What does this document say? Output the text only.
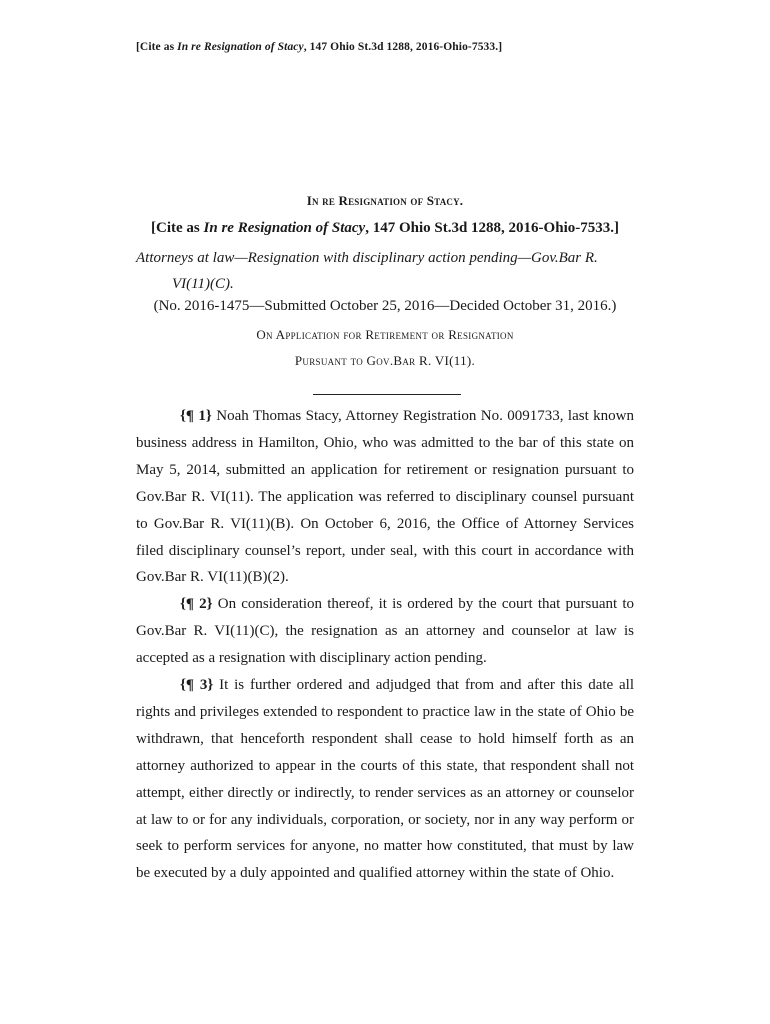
[Cite as In re Resignation of Stacy, 147 Ohio St.3d 1288, 2016-Ohio-7533.]
In re Resignation of Stacy.
[Cite as In re Resignation of Stacy, 147 Ohio St.3d 1288, 2016-Ohio-7533.]
Attorneys at law—Resignation with disciplinary action pending—Gov.Bar R.
VI(11)(C).
(No. 2016-1475—Submitted October 25, 2016—Decided October 31, 2016.)
On Application for Retirement or Resignation
Pursuant to Gov.Bar R. VI(11).
{¶ 1} Noah Thomas Stacy, Attorney Registration No. 0091733, last known business address in Hamilton, Ohio, who was admitted to the bar of this state on May 5, 2014, submitted an application for retirement or resignation pursuant to Gov.Bar R. VI(11). The application was referred to disciplinary counsel pursuant to Gov.Bar R. VI(11)(B). On October 6, 2016, the Office of Attorney Services filed disciplinary counsel’s report, under seal, with this court in accordance with Gov.Bar R. VI(11)(B)(2).
{¶ 2} On consideration thereof, it is ordered by the court that pursuant to Gov.Bar R. VI(11)(C), the resignation as an attorney and counselor at law is accepted as a resignation with disciplinary action pending.
{¶ 3} It is further ordered and adjudged that from and after this date all rights and privileges extended to respondent to practice law in the state of Ohio be withdrawn, that henceforth respondent shall cease to hold himself forth as an attorney authorized to appear in the courts of this state, that respondent shall not attempt, either directly or indirectly, to render services as an attorney or counselor at law to or for any individuals, corporation, or society, nor in any way perform or seek to perform services for anyone, no matter how constituted, that must by law be executed by a duly appointed and qualified attorney within the state of Ohio.
